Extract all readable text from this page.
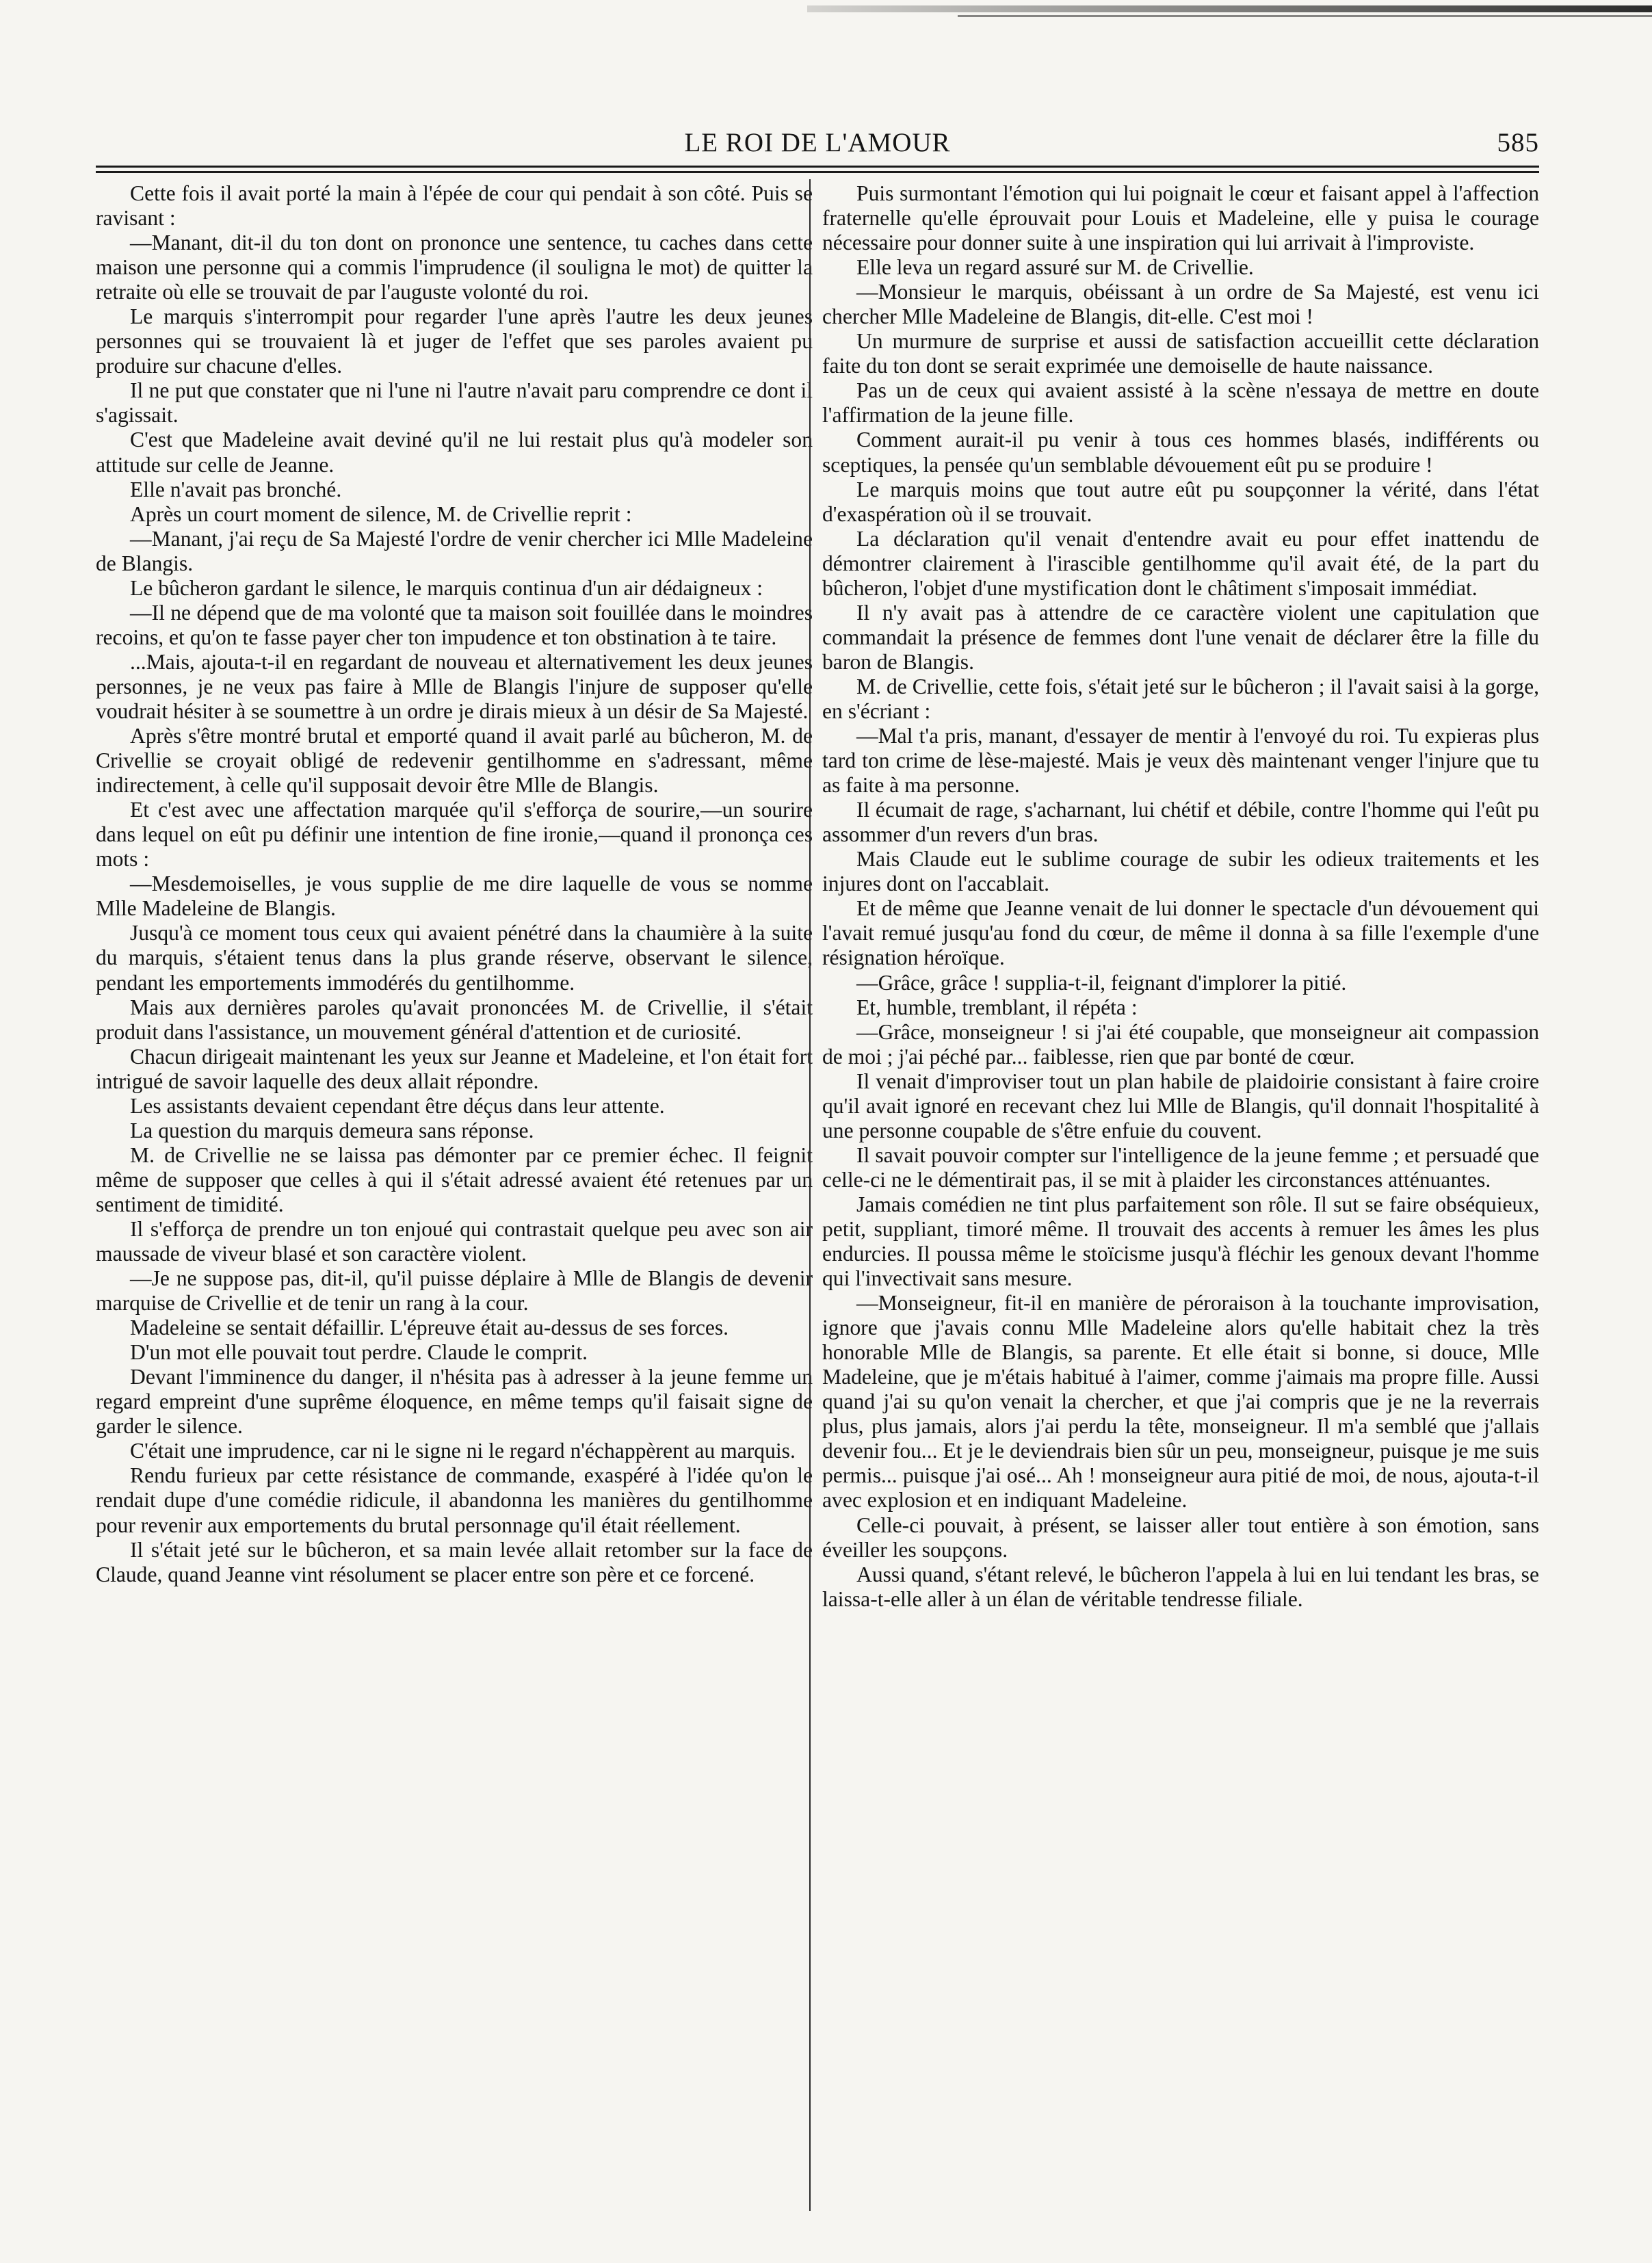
LE ROI DE L'AMOUR	585

Cette fois il avait porté la main à l'épée de cour qui pendait à son côté. Puis se ravisant :

—Manant, dit-il du ton dont on prononce une sentence, tu caches dans cette maison une personne qui a commis l'imprudence (il souligna le mot) de quitter la retraite où elle se trouvait de par l'auguste volonté du roi.

Le marquis s'interrompit pour regarder l'une après l'autre les deux jeunes personnes qui se trouvaient là et juger de l'effet que ses paroles avaient pu produire sur chacune d'elles.

Il ne put que constater que ni l'une ni l'autre n'avait paru comprendre ce dont il s'agissait.

C'est que Madeleine avait deviné qu'il ne lui restait plus qu'à modeler son attitude sur celle de Jeanne.

Elle n'avait pas bronché.

Après un court moment de silence, M. de Crivellie reprit :

—Manant, j'ai reçu de Sa Majesté l'ordre de venir chercher ici Mlle Madeleine de Blangis.

Le bûcheron gardant le silence, le marquis continua d'un air dédaigneux :

—Il ne dépend que de ma volonté que ta maison soit fouillée dans le moindres recoins, et qu'on te fasse payer cher ton impudence et ton obstination à te taire.

...Mais, ajouta-t-il en regardant de nouveau et alternativement les deux jeunes personnes, je ne veux pas faire à Mlle de Blangis l'injure de supposer qu'elle voudrait hésiter à se soumettre à un ordre je dirais mieux à un désir de Sa Majesté.

Après s'être montré brutal et emporté quand il avait parlé au bûcheron, M. de Crivellie se croyait obligé de redevenir gentilhomme en s'adressant, même indirectement, à celle qu'il supposait devoir être Mlle de Blangis.

Et c'est avec une affectation marquée qu'il s'efforça de sourire,—un sourire dans lequel on eût pu définir une intention de fine ironie,—quand il prononça ces mots :

—Mesdemoiselles, je vous supplie de me dire laquelle de vous se nomme Mlle Madeleine de Blangis.

Jusqu'à ce moment tous ceux qui avaient pénétré dans la chaumière à la suite du marquis, s'étaient tenus dans la plus grande réserve, observant le silence, pendant les emportements immodérés du gentilhomme.

Mais aux dernières paroles qu'avait prononcées M. de Crivellie, il s'était produit dans l'assistance, un mouvement général d'attention et de curiosité.

Chacun dirigeait maintenant les yeux sur Jeanne et Madeleine, et l'on était fort intrigué de savoir laquelle des deux allait répondre.

Les assistants devaient cependant être déçus dans leur attente.

La question du marquis demeura sans réponse.

M. de Crivellie ne se laissa pas démonter par ce premier échec. Il feignit même de supposer que celles à qui il s'était adressé avaient été retenues par un sentiment de timidité.

Il s'efforça de prendre un ton enjoué qui contrastait quelque peu avec son air maussade de viveur blasé et son caractère violent.

—Je ne suppose pas, dit-il, qu'il puisse déplaire à Mlle de Blangis de devenir marquise de Crivellie et de tenir un rang à la cour.

Madeleine se sentait défaillir. L'épreuve était au-dessus de ses forces.

D'un mot elle pouvait tout perdre. Claude le comprit.

Devant l'imminence du danger, il n'hésita pas à adresser à la jeune femme un regard empreint d'une suprême éloquence, en même temps qu'il faisait signe de garder le silence.

C'était une imprudence, car ni le signe ni le regard n'échappèrent au marquis.

Rendu furieux par cette résistance de commande, exaspéré à l'idée qu'on le rendait dupe d'une comédie ridicule, il abandonna les manières du gentilhomme pour revenir aux emportements du brutal personnage qu'il était réellement.

Il s'était jeté sur le bûcheron, et sa main levée allait retomber sur la face de Claude, quand Jeanne vint résolument se placer entre son père et ce forcené.

Puis surmontant l'émotion qui lui poignait le cœur et faisant appel à l'affection fraternelle qu'elle éprouvait pour Louis et Madeleine, elle y puisa le courage nécessaire pour donner suite à une inspiration qui lui arrivait à l'improviste.

Elle leva un regard assuré sur M. de Crivellie.

—Monsieur le marquis, obéissant à un ordre de Sa Majesté, est venu ici chercher Mlle Madeleine de Blangis, dit-elle. C'est moi !

Un murmure de surprise et aussi de satisfaction accueillit cette déclaration faite du ton dont se serait exprimée une demoiselle de haute naissance.

Pas un de ceux qui avaient assisté à la scène n'essaya de mettre en doute l'affirmation de la jeune fille.

Comment aurait-il pu venir à tous ces hommes blasés, indifférents ou sceptiques, la pensée qu'un semblable dévouement eût pu se produire !

Le marquis moins que tout autre eût pu soupçonner la vérité, dans l'état d'exaspération où il se trouvait.

La déclaration qu'il venait d'entendre avait eu pour effet inattendu de démontrer clairement à l'irascible gentilhomme qu'il avait été, de la part du bûcheron, l'objet d'une mystification dont le châtiment s'imposait immédiat.

Il n'y avait pas à attendre de ce caractère violent une capitulation que commandait la présence de femmes dont l'une venait de déclarer être la fille du baron de Blangis.

M. de Crivellie, cette fois, s'était jeté sur le bûcheron ; il l'avait saisi à la gorge, en s'écriant :

—Mal t'a pris, manant, d'essayer de mentir à l'envoyé du roi. Tu expieras plus tard ton crime de lèse-majesté. Mais je veux dès maintenant venger l'injure que tu as faite à ma personne.

Il écumait de rage, s'acharnant, lui chétif et débile, contre l'homme qui l'eût pu assommer d'un revers d'un bras.

Mais Claude eut le sublime courage de subir les odieux traitements et les injures dont on l'accablait.

Et de même que Jeanne venait de lui donner le spectacle d'un dévouement qui l'avait remué jusqu'au fond du cœur, de même il donna à sa fille l'exemple d'une résignation héroïque.

—Grâce, grâce ! supplia-t-il, feignant d'implorer la pitié.

Et, humble, tremblant, il répéta :

—Grâce, monseigneur ! si j'ai été coupable, que monseigneur ait compassion de moi ; j'ai péché par... faiblesse, rien que par bonté de cœur.

Il venait d'improviser tout un plan habile de plaidoirie consistant à faire croire qu'il avait ignoré en recevant chez lui Mlle de Blangis, qu'il donnait l'hospitalité à une personne coupable de s'être enfuie du couvent.

Il savait pouvoir compter sur l'intelligence de la jeune femme ; et persuadé que celle-ci ne le démentirait pas, il se mit à plaider les circonstances atténuantes.

Jamais comédien ne tint plus parfaitement son rôle. Il sut se faire obséquieux, petit, suppliant, timoré même. Il trouvait des accents à remuer les âmes les plus endurcies. Il poussa même le stoïcisme jusqu'à fléchir les genoux devant l'homme qui l'invectivait sans mesure.

—Monseigneur, fit-il en manière de péroraison à la touchante improvisation, ignore que j'avais connu Mlle Madeleine alors qu'elle habitait chez la très honorable Mlle de Blangis, sa parente. Et elle était si bonne, si douce, Mlle Madeleine, que je m'étais habitué à l'aimer, comme j'aimais ma propre fille. Aussi quand j'ai su qu'on venait la chercher, et que j'ai compris que je ne la reverrais plus, plus jamais, alors j'ai perdu la tête, monseigneur. Il m'a semblé que j'allais devenir fou... Et je le deviendrais bien sûr un peu, monseigneur, puisque je me suis permis... puisque j'ai osé... Ah ! monseigneur aura pitié de moi, de nous, ajouta-t-il avec explosion et en indiquant Madeleine.

Celle-ci pouvait, à présent, se laisser aller tout entière à son émotion, sans éveiller les soupçons.

Aussi quand, s'étant relevé, le bûcheron l'appela à lui en lui tendant les bras, se laissa-t-elle aller à un élan de véritable tendresse filiale.
